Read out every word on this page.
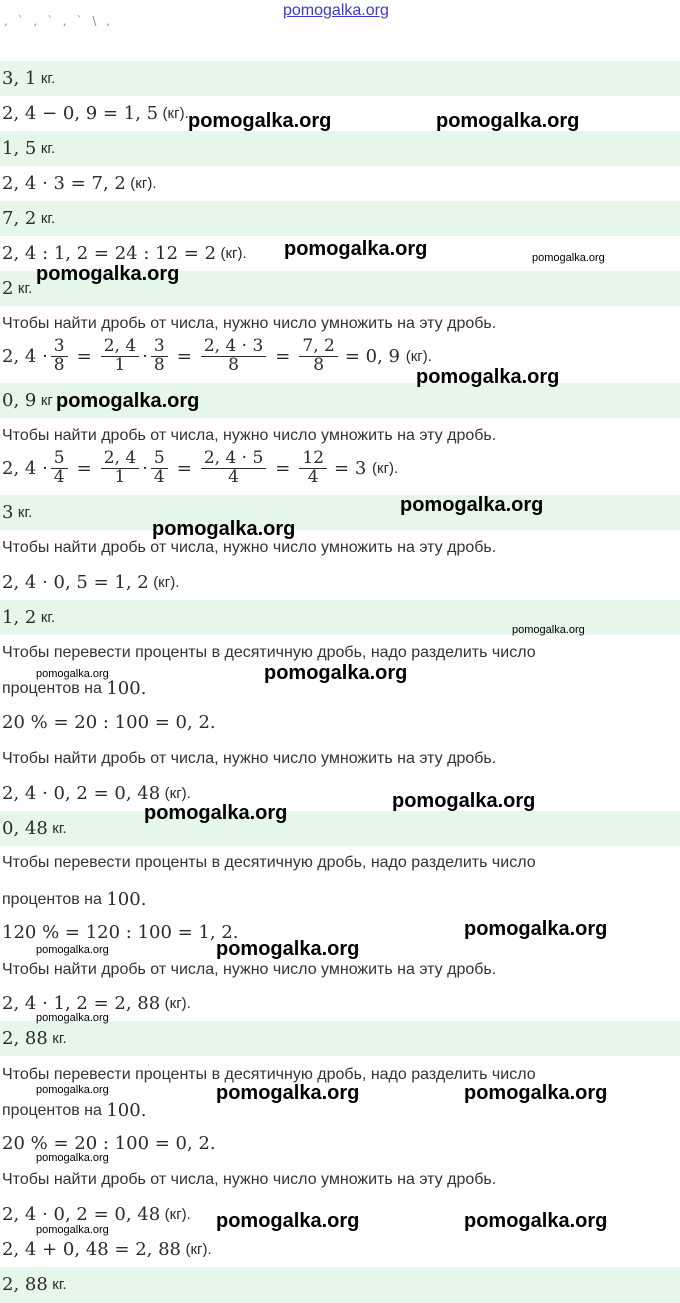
pomogalka.org
, ` , ` , ` \ ,
3, 1
кг.
2, 4 − 0, 9 = 1, 5
(кг).
1, 5
кг.
2, 4 · 3 = 7, 2
(кг).
7, 2
кг.
2, 4 : 1, 2 = 24 : 12 = 2
(кг).
2
кг.
Чтобы найти дробь от числа, нужно число умножить на эту дробь.
2, $4 \cdot \frac{3}{8} = \frac{2, 4}{1} \cdot \frac{3}{8} = \frac{2, 4 \cdot 3}{8} = \frac{7, 2}{8} = 0$, 9
(кг).
0, 9
кг
Чтобы найти дробь от числа, нужно число умножить на эту дробь.
2, $4 \cdot \frac{5}{4} = \frac{2, 4}{1} \cdot \frac{5}{4} = \frac{2, 4 \cdot 5}{4} = \frac{12}{4} = 3$
(кг).
3
кг.
Чтобы найти дробь от числа, нужно число умножить на эту дробь.
2, 4 · 0, 5 = 1, 2
(кг).
1, 2
кг.
Чтобы перевести проценты в десятичную дробь, надо разделить число
процентов на
100.
20 % = 20 : 100 = 0, 2.
Чтобы найти дробь от числа, нужно число умножить на эту дробь.
2, 4 · 0, 2 = 0, 48
(кг).
0, 48
кг.
Чтобы перевести проценты в десятичную дробь, надо разделить число
процентов на
100.
120 % = 120 : 100 = 1, 2.
Чтобы найти дробь от числа, нужно число умножить на эту дробь.
2, 4 · 1, 2 = 2, 88
(кг).
2, 88
кг.
Чтобы перевести проценты в десятичную дробь, надо разделить число
процентов на
100.
20 % = 20 : 100 = 0, 2.
Чтобы найти дробь от числа, нужно число умножить на эту дробь.
2, 4 · 0, 2 = 0, 48
(кг).
2, 4 + 0, 48 = 2, 88
(кг).
2, 88
кг.
pomogalka.org	pomogalka.org
pomogalka.org	pomogalka.org
pomogalka.org
pomogalka.org
pomogalka.org
pomogalka.org
pomogalka.org
pomogalka.org
pomogalka.org	pomogalka.org
pomogalka.org
pomogalka.org
pomogalka.org
pomogalka.org	pomogalka.org
pomogalka.org
pomogalka.org	pomogalka.org	pomogalka.org
pomogalka.org
pomogalka.org	pomogalka.org	pomogalka.org
